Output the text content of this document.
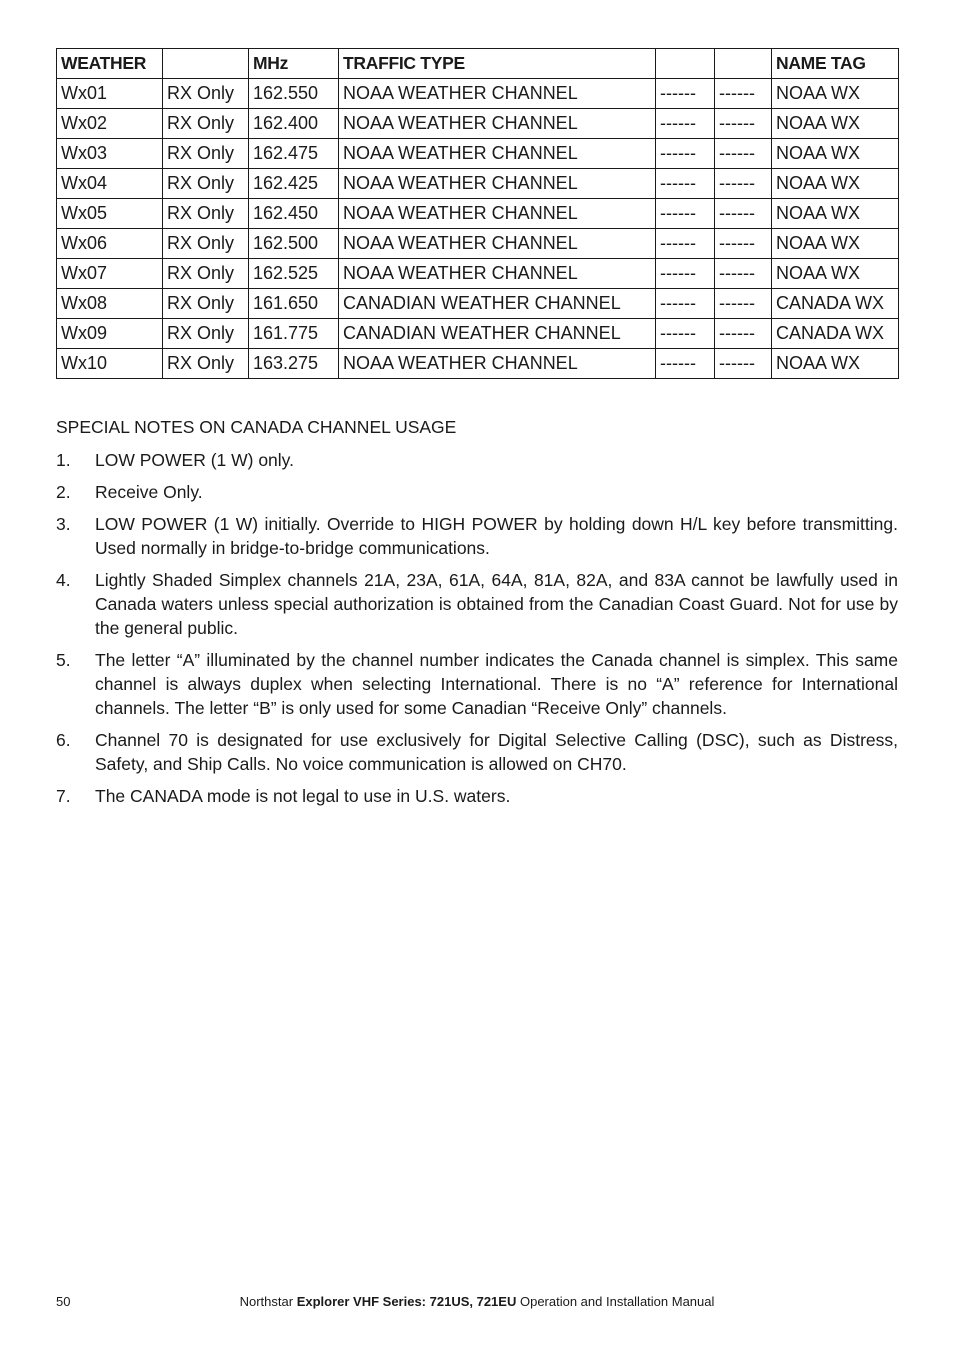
WEATHER		MHz	TRAFFIC TYPE			NAME TAG
Wx01	RX Only	162.550	NOAA WEATHER CHANNEL	------	------	NOAA WX
Wx02	RX Only	162.400	NOAA WEATHER CHANNEL	------	------	NOAA WX
Wx03	RX Only	162.475	NOAA WEATHER CHANNEL	------	------	NOAA WX
Wx04	RX Only	162.425	NOAA WEATHER CHANNEL	------	------	NOAA WX
Wx05	RX Only	162.450	NOAA WEATHER CHANNEL	------	------	NOAA WX
Wx06	RX Only	162.500	NOAA WEATHER CHANNEL	------	------	NOAA WX
Wx07	RX Only	162.525	NOAA WEATHER CHANNEL	------	------	NOAA WX
Wx08	RX Only	161.650	CANADIAN WEATHER CHANNEL	------	------	CANADA WX
Wx09	RX Only	161.775	CANADIAN WEATHER CHANNEL	------	------	CANADA WX
Wx10	RX Only	163.275	NOAA WEATHER CHANNEL	------	------	NOAA WX
SPECIAL NOTES ON CANADA CHANNEL USAGE
1.	LOW POWER (1 W) only.
2.	Receive Only.
3.	LOW POWER (1 W) initially. Override to HIGH POWER by holding down H/L key before transmitting. Used normally in bridge-to-bridge communications.
4.	Lightly Shaded Simplex channels 21A, 23A, 61A, 64A, 81A, 82A, and 83A cannot be lawfully used in Canada waters unless special authorization is obtained from the Canadian Coast Guard. Not for use by the general public.
5.	The letter “A” illuminated by the channel number indicates the Canada channel is simplex. This same channel is always duplex when selecting International. There is no “A” reference for International channels. The letter “B” is only used for some Canadian “Receive Only” channels.
6.	Channel 70 is designated for use exclusively for Digital Selective Calling (DSC), such as Distress, Safety, and Ship Calls. No voice communication is allowed on CH70.
7.	The CANADA mode is not legal to use in U.S. waters.
50	Northstar Explorer VHF Series: 721US, 721EU Operation and Installation Manual
